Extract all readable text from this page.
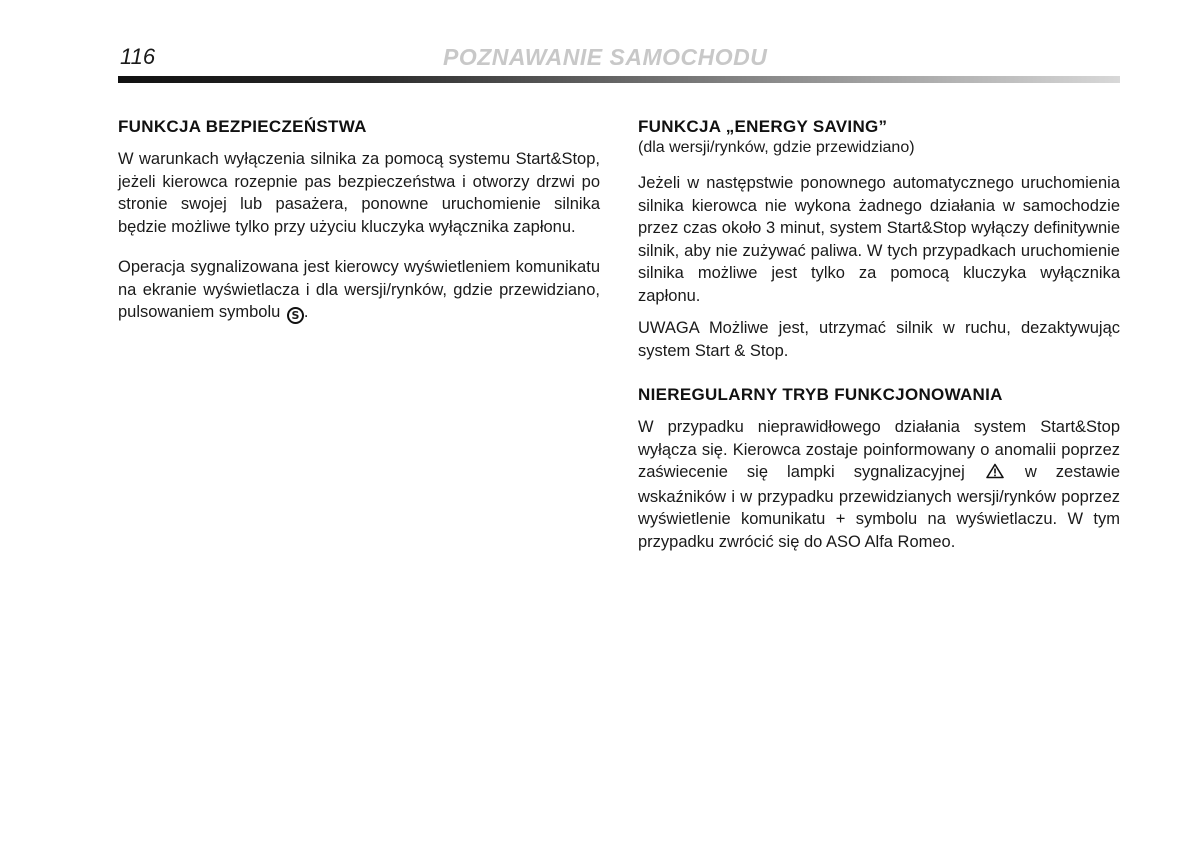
116	POZNAWANIE SAMOCHODU
FUNKCJA BEZPIECZEŃSTWA

W warunkach wyłączenia silnika za pomocą systemu Start&Stop, jeżeli kierowca rozepnie pas bezpieczeństwa i otworzy drzwi po stronie swojej lub pasażera, ponowne uruchomienie silnika będzie możliwe tylko przy użyciu kluczyka wyłącznika zapłonu.

Operacja sygnalizowana jest kierowcy wyświetleniem komunikatu na ekranie wyświetlacza i dla wersji/rynków, gdzie przewidziano, pulsowaniem symbolu S .

FUNKCJA „ENERGY SAVING”

(dla wersji/rynków, gdzie przewidziano)

Jeżeli w następstwie ponownego automatycznego uruchomienia silnika kierowca nie wykona żadnego działania w samochodzie przez czas około 3 minut, system Start&Stop wyłączy definitywnie silnik, aby nie zużywać paliwa. W tych przypadkach uruchomienie silnika możliwe jest tylko za pomocą kluczyka wyłącznika zapłonu.

UWAGA Możliwe jest, utrzymać silnik w ruchu, dezaktywując system Start & Stop.

NIEREGULARNY TRYB FUNKCJONOWANIA

W przypadku nieprawidłowego działania system Start&Stop wyłącza się. Kierowca zostaje poinformowany o anomalii poprzez zaświecenie się lampki sygnalizacyjnej	w zestawie wskaźników i w przypadku przewidzianych wersji/rynków poprzez wyświetlenie komunikatu + symbolu na wyświetlaczu. W tym przypadku zwrócić się do ASO Alfa Romeo.
